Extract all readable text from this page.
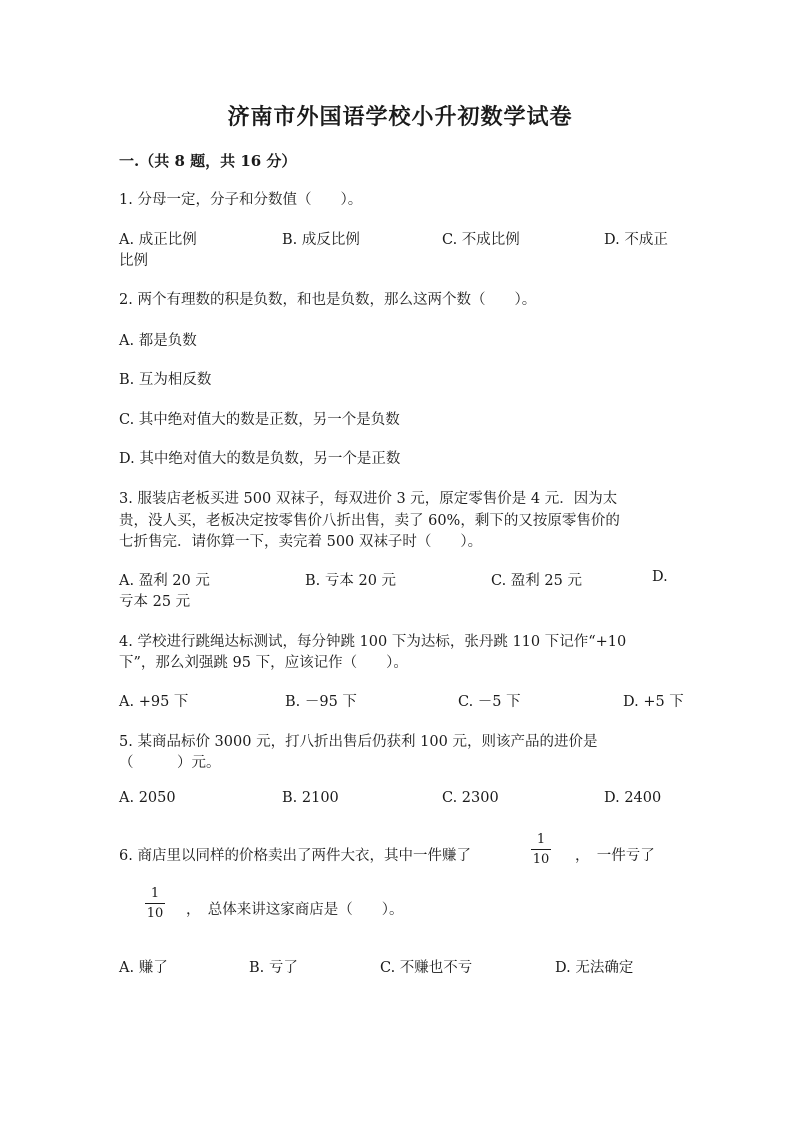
济南市外国语学校小升初数学试卷
一.（共 8 题，共 16 分）
1. 分母一定，分子和分数值（　　）。
A. 成正比例	B. 成反比例	C. 不成比例	D. 不成正
比例
2. 两个有理数的积是负数，和也是负数，那么这两个数（　　）。
A. 都是负数
B. 互为相反数
C. 其中绝对值大的数是正数，另一个是负数
D. 其中绝对值大的数是负数，另一个是正数
3. 服装店老板买进 500 双袜子，每双进价 3 元，原定零售价是 4 元．因为太
贵，没人买，老板决定按零售价八折出售，卖了 60%，剩下的又按原零售价的
七折售完．请你算一下，卖完着 500 双袜子时（　　）。
A. 盈利 20 元	B. 亏本 20 元	C. 盈利 25 元	D.
亏本 25 元
4. 学校进行跳绳达标测试，每分钟跳 100 下为达标，张丹跳 110 下记作“+10
下”，那么刘强跳 95 下，应该记作（　　）。
A. +95 下	B. －95 下	C. －5 下	D. +5 下
5. 某商品标价 3000 元，打八折出售后仍获利 100 元，则该产品的进价是
（　　　）元。
A. 2050	B. 2100	C. 2300	D. 2400
6. 商店里以同样的价格卖出了两件大衣，其中一件赚了
1
10 ，　一件亏了
1
10 ，　总体来讲这家商店是（　　）。
A. 赚了	B. 亏了	C. 不赚也不亏	D. 无法确定
